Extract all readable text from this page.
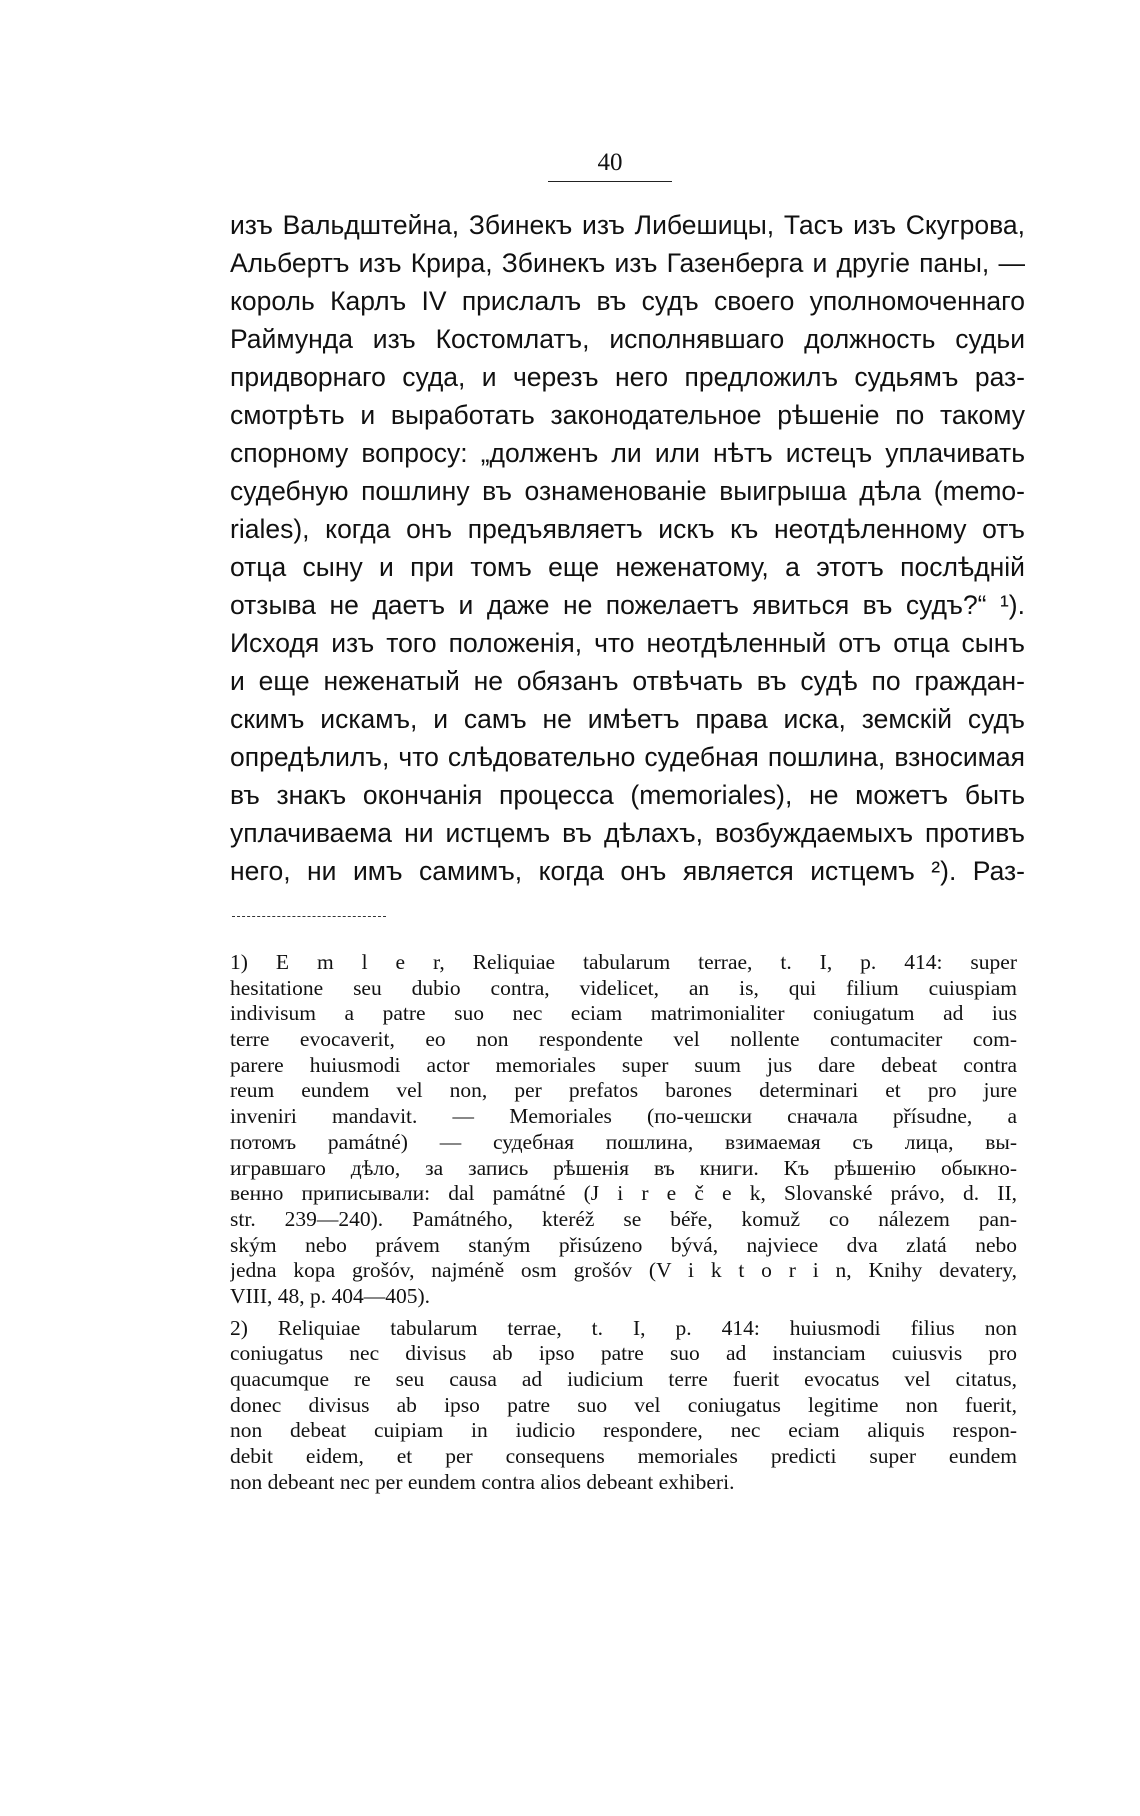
40
изъ Вальдштейна, Збинекъ изъ Либешицы, Тасъ изъ Скугрова,
Альбертъ изъ Крира, Збинекъ изъ Газенберга и другіе паны, —
король Карлъ IV прислалъ въ судъ своего уполномоченнаго
Раймунда изъ Костомлатъ, исполнявшаго должность судьи
придворнаго суда, и черезъ него предложилъ судьямъ раз-
смотрѣть и выработать законодательное рѣшеніе по такому
спорному вопросу: „долженъ ли или нѣтъ истецъ уплачивать
судебную пошлину въ ознаменованіе выигрыша дѣла (memo-
riales), когда онъ предъявляетъ искъ къ неотдѣленному отъ
отца сыну и при томъ еще неженатому, а этотъ послѣдній
отзыва не даетъ и даже не пожелаетъ явиться въ судъ?“ ¹).
Исходя изъ того положенія, что неотдѣленный отъ отца сынъ
и еще неженатый не обязанъ отвѣчать въ судѣ по граждан-
скимъ искамъ, и самъ не имѣетъ права иска, земскій судъ
опредѣлилъ, что слѣдовательно судебная пошлина, взносимая
въ знакъ окончанія процесса (memoriales), не можетъ быть
уплачиваема ни истцемъ въ дѣлахъ, возбуждаемыхъ противъ
него, ни имъ самимъ, когда онъ является истцемъ ²). Раз-
1) E m l e r, Reliquiae tabularum terrae, t. I, p. 414: super
hesitatione seu dubio contra, videlicet, an is, qui filium cuiuspiam
indivisum a patre suo nec eciam matrimonialiter coniugatum ad ius
terre evocaverit, eo non respondente vel nollente contumaciter com-
parere huiusmodi actor memoriales super suum jus dare debeat contra
reum eundem vel non, per prefatos barones determinari et pro jure
inveniri mandavit. — Memoriales (по-чешски сначала přísudne, a
потомъ památné) — судебная пошлина, взимаемая съ лица, вы-
игравшаго дѣло, за запись рѣшенія въ книги. Къ рѣшенію обыкно-
венно приписывали: dal památné (J i r e č e k, Slovanské právo, d. II,
str. 239—240). Památného, kteréž se béře, komuž co nálezem pan-
ským nebo právem staným přisúzeno bývá, najviece dva zlatá nebo
jedna kopa grošóv, najméně osm grošóv (V i k t o r i n, Knihy devatery,
VIII, 48, p. 404—405).
2) Reliquiae tabularum terrae, t. I, p. 414: huiusmodi filius non
coniugatus nec divisus ab ipso patre suo ad instanciam cuiusvis pro
quacumque re seu causa ad iudicium terre fuerit evocatus vel citatus,
donec divisus ab ipso patre suo vel coniugatus legitime non fuerit,
non debeat cuipiam in iudicio respondere, nec eciam aliquis respon-
debit eidem, et per consequens memoriales predicti super eundem
non debeant nec per eundem contra alios debeant exhiberi.
